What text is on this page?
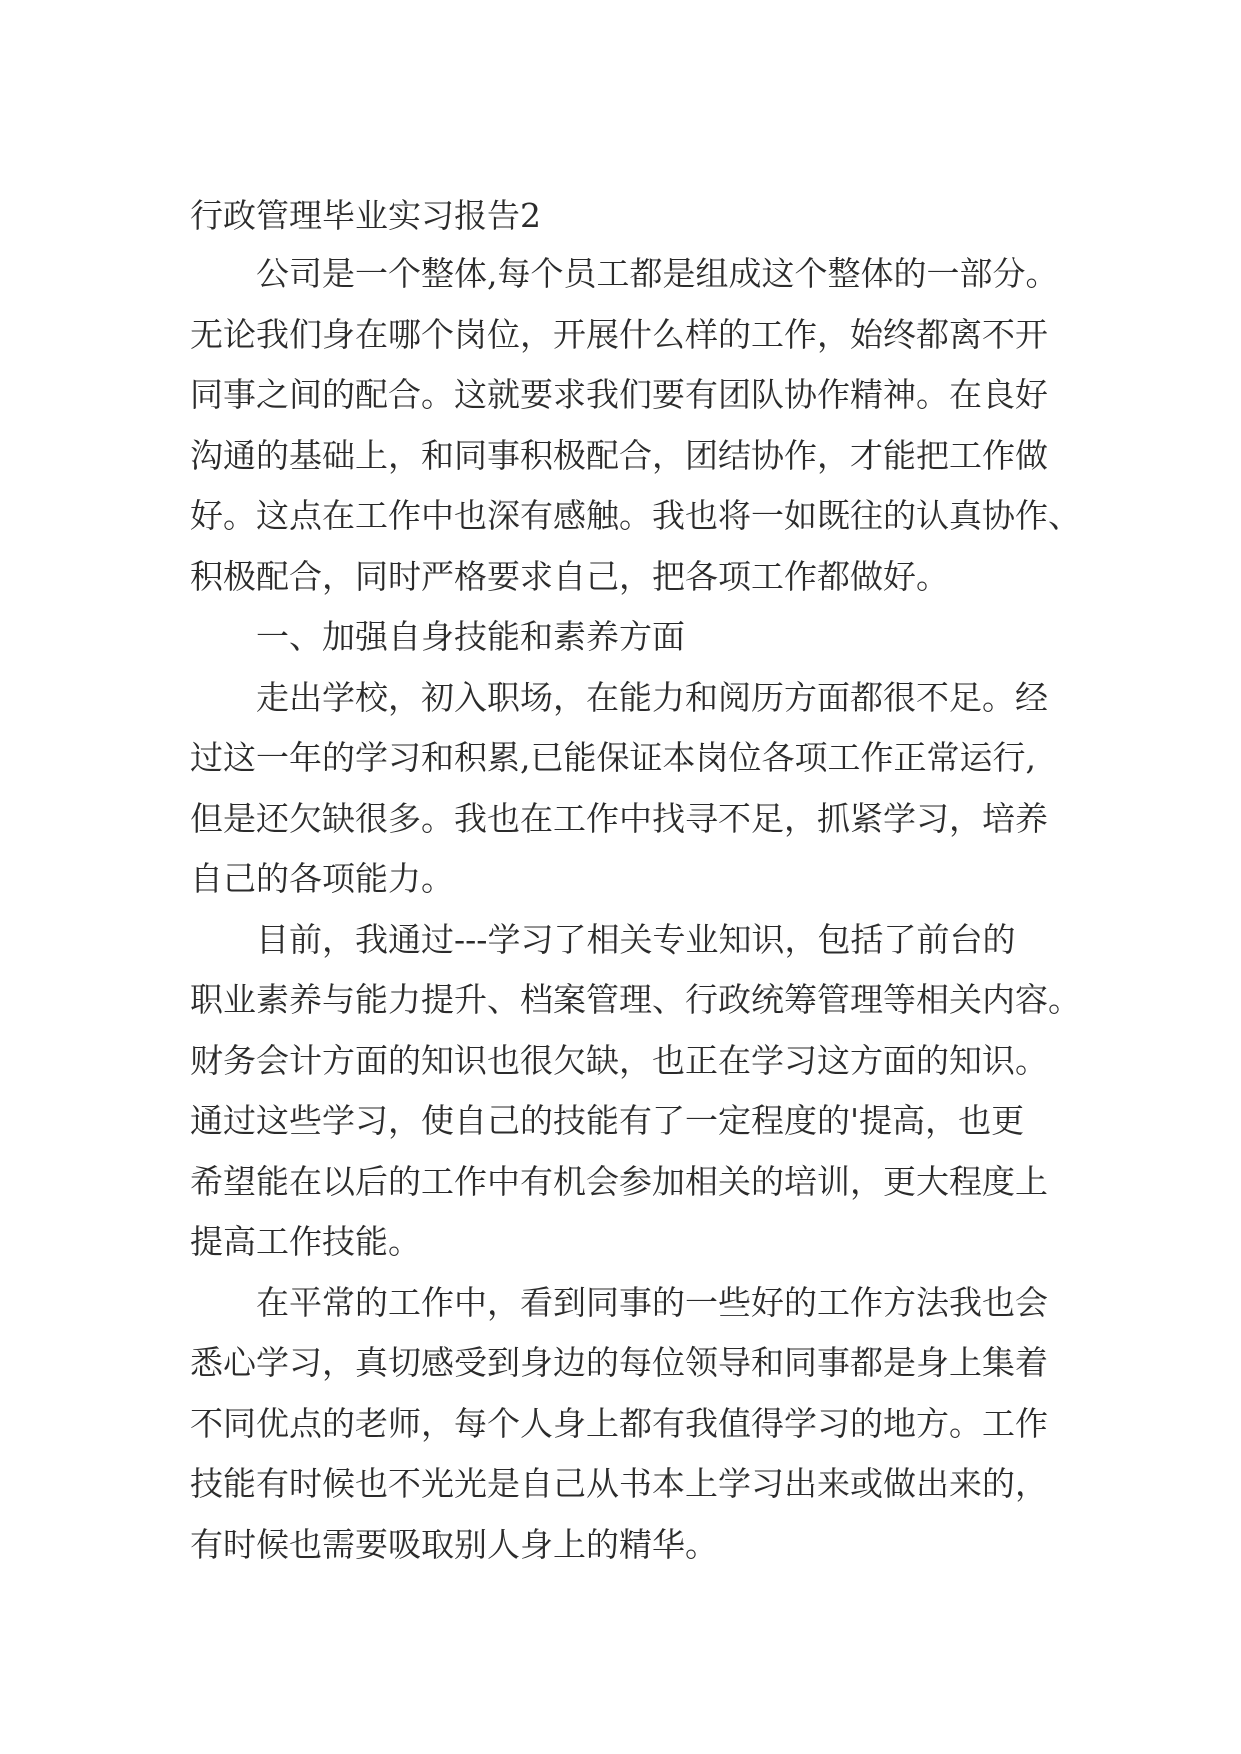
行政管理毕业实习报告2
公司是一个整体,每个员工都是组成这个整体的一部分。
无论我们身在哪个岗位，开展什么样的工作，始终都离不开
同事之间的配合。这就要求我们要有团队协作精神。在良好
沟通的基础上，和同事积极配合，团结协作，才能把工作做
好。这点在工作中也深有感触。我也将一如既往的认真协作、
积极配合，同时严格要求自己，把各项工作都做好。
一、加强自身技能和素养方面
走出学校，初入职场，在能力和阅历方面都很不足。经
过这一年的学习和积累,已能保证本岗位各项工作正常运行,
但是还欠缺很多。我也在工作中找寻不足，抓紧学习，培养
自己的各项能力。
目前，我通过---学习了相关专业知识，包括了前台的
职业素养与能力提升、档案管理、行政统筹管理等相关内容。
财务会计方面的知识也很欠缺，也正在学习这方面的知识。
通过这些学习，使自己的技能有了一定程度的'提高，也更
希望能在以后的工作中有机会参加相关的培训，更大程度上
提高工作技能。
在平常的工作中，看到同事的一些好的工作方法我也会
悉心学习，真切感受到身边的每位领导和同事都是身上集着
不同优点的老师，每个人身上都有我值得学习的地方。工作
技能有时候也不光光是自己从书本上学习出来或做出来的，
有时候也需要吸取别人身上的精华。
